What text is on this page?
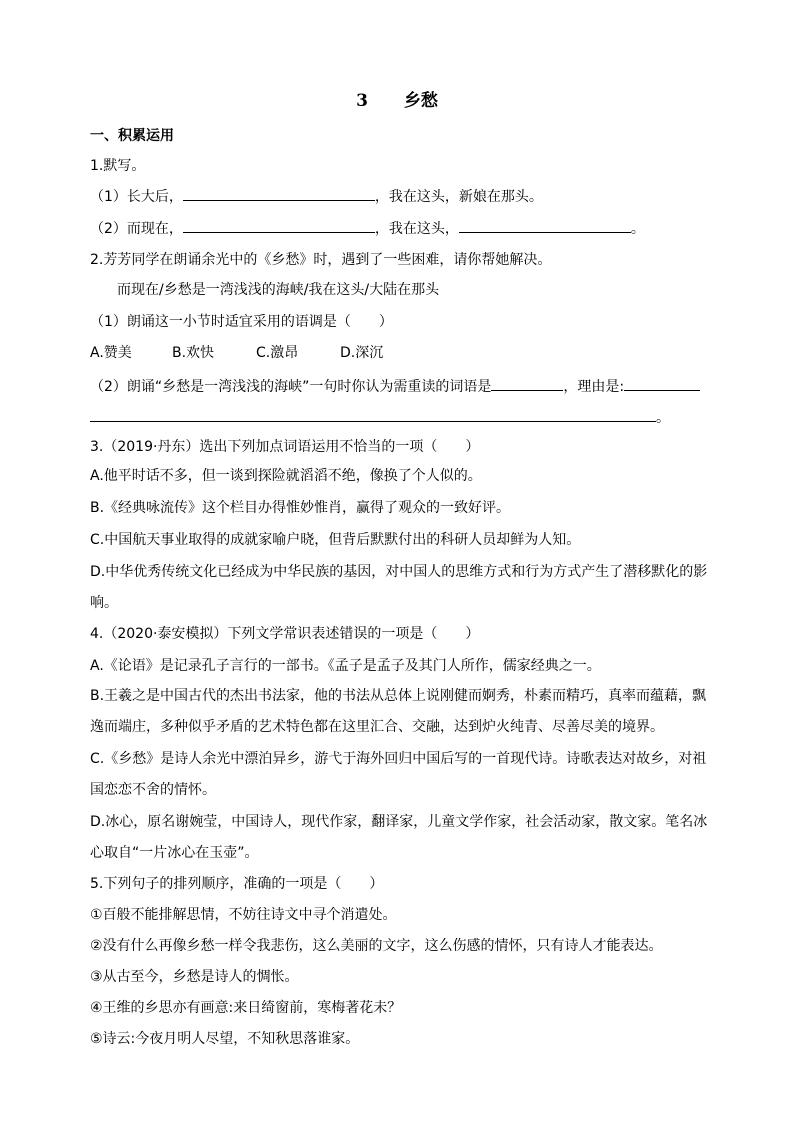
3 乡愁
一、积累运用
1.默写。
（1）长大后，	，我在这头，新娘在那头。
（2）而现在，	，我在这头，	。
2.芳芳同学在朗诵余光中的《乡愁》时，遇到了一些困难，请你帮她解决。
而现在/乡愁是一湾浅浅的海峡/我在这头/大陆在那头
（1）朗诵这一小节时适宜采用的语调是（　　）
A.赞美	B.欢快	C.激昂	D.深沉
（2）朗诵“乡愁是一湾浅浅的海峡”一句时你认为需重读的词语是	，理由是:
。
3.（2019·丹东）选出下列加点词语运用不恰当的一项（　　）
A.他平时话不多，但一谈到探险就滔滔不绝，像换了个人似的。
B.《经典咏流传》这个栏目办得惟妙惟肖，赢得了观众的一致好评。
C.中国航天事业取得的成就家喻户晓，但背后默默付出的科研人员却鲜为人知。
D.中华优秀传统文化已经成为中华民族的基因，对中国人的思维方式和行为方式产生了潜移默化的影
响。
4.（2020·泰安模拟）下列文学常识表述错误的一项是（　　）
A.《论语》是记录孔子言行的一部书。《孟子是孟子及其门人所作，儒家经典之一。
B.王羲之是中国古代的杰出书法家，他的书法从总体上说刚健而婀秀，朴素而精巧，真率而蕴藉，飘
逸而端庄，多种似乎矛盾的艺术特色都在这里汇合、交融，达到炉火纯青、尽善尽美的境界。
C.《乡愁》是诗人余光中漂泊异乡，游弋于海外回归中国后写的一首现代诗。诗歌表达对故乡，对祖
国恋恋不舍的情怀。
D.冰心，原名谢婉莹，中国诗人，现代作家，翻译家，儿童文学作家，社会活动家，散文家。笔名冰
心取自“一片冰心在玉壶”。
5.下列句子的排列顺序，准确的一项是（　　）
①百般不能排解思情，不妨往诗文中寻个消遣处。
②没有什么再像乡愁一样令我悲伤，这么美丽的文字，这么伤感的情怀，只有诗人才能表达。
③从古至今，乡愁是诗人的惆怅。
④王维的乡思亦有画意:来日绮窗前，寒梅著花未？
⑤诗云:今夜月明人尽望，不知秋思落谁家。
